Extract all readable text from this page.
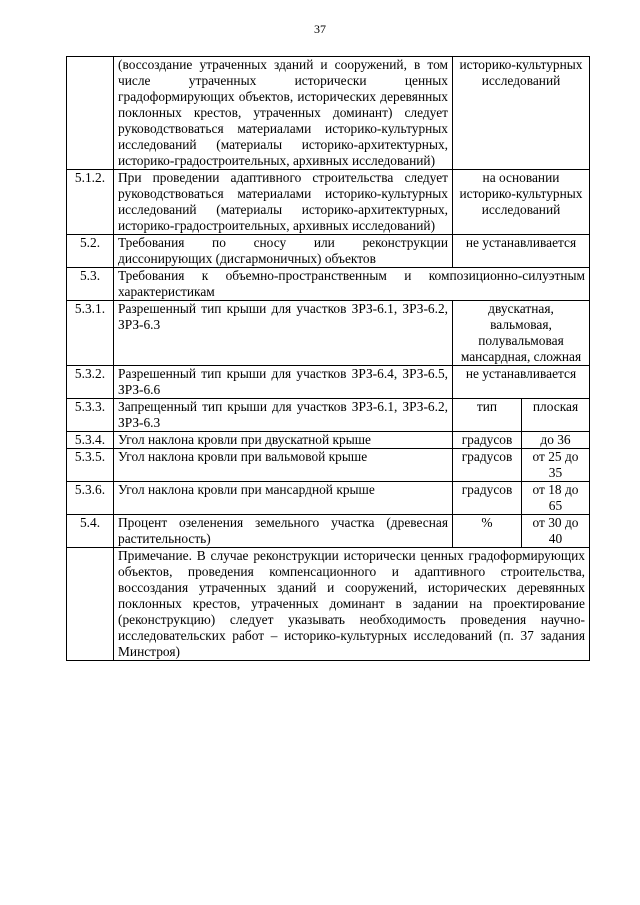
37
	(воссоздание утраченных зданий и сооружений, в том числе утраченных исторически ценных градоформирующих объектов, исторических деревянных поклонных крестов, утраченных доминант) следует руководствоваться материалами историко-культурных исследований (материалы историко-архитектурных, историко-градостроительных, архивных исследований)	историко-культурных исследований	
5.1.2.	При проведении адаптивного строительства следует руководствоваться материалами историко-культурных исследований (материалы историко-архитектурных, историко-градостроительных, архивных исследований)	на основании историко-культурных исследований	
5.2.	Требования по сносу или реконструкции диссонирующих (дисгармоничных) объектов	не устанавливается	
5.3.	Требования к объемно-пространственным и композиционно-силуэтным характеристикам		
5.3.1.	Разрешенный тип крыши для участков ЗРЗ-6.1, ЗРЗ-6.2, ЗРЗ-6.3	двускатная, вальмовая, полувальмовая мансардная, сложная	
5.3.2.	Разрешенный тип крыши для участков ЗРЗ-6.4, ЗРЗ-6.5, ЗРЗ-6.6	не устанавливается	
5.3.3.	Запрещенный тип крыши для участков ЗРЗ-6.1, ЗРЗ-6.2, ЗРЗ-6.3	тип	плоская
5.3.4.	Угол наклона кровли при двускатной крыше	градусов	до 36
5.3.5.	Угол наклона кровли при вальмовой крыше	градусов	от 25 до 35
5.3.6.	Угол наклона кровли при мансардной крыше	градусов	от 18 до 65
5.4.	Процент озеленения земельного участка (древесная растительность)	%	от 30 до 40
	Примечание. В случае реконструкции исторически ценных градоформирующих объектов, проведения компенсационного и адаптивного строительства, воссоздания утраченных зданий и сооружений, исторических деревянных поклонных крестов, утраченных доминант в задании на проектирование (реконструкцию) следует указывать необходимость проведения научно-исследовательских работ – историко-культурных исследований (п. 37 задания Минстроя)		
